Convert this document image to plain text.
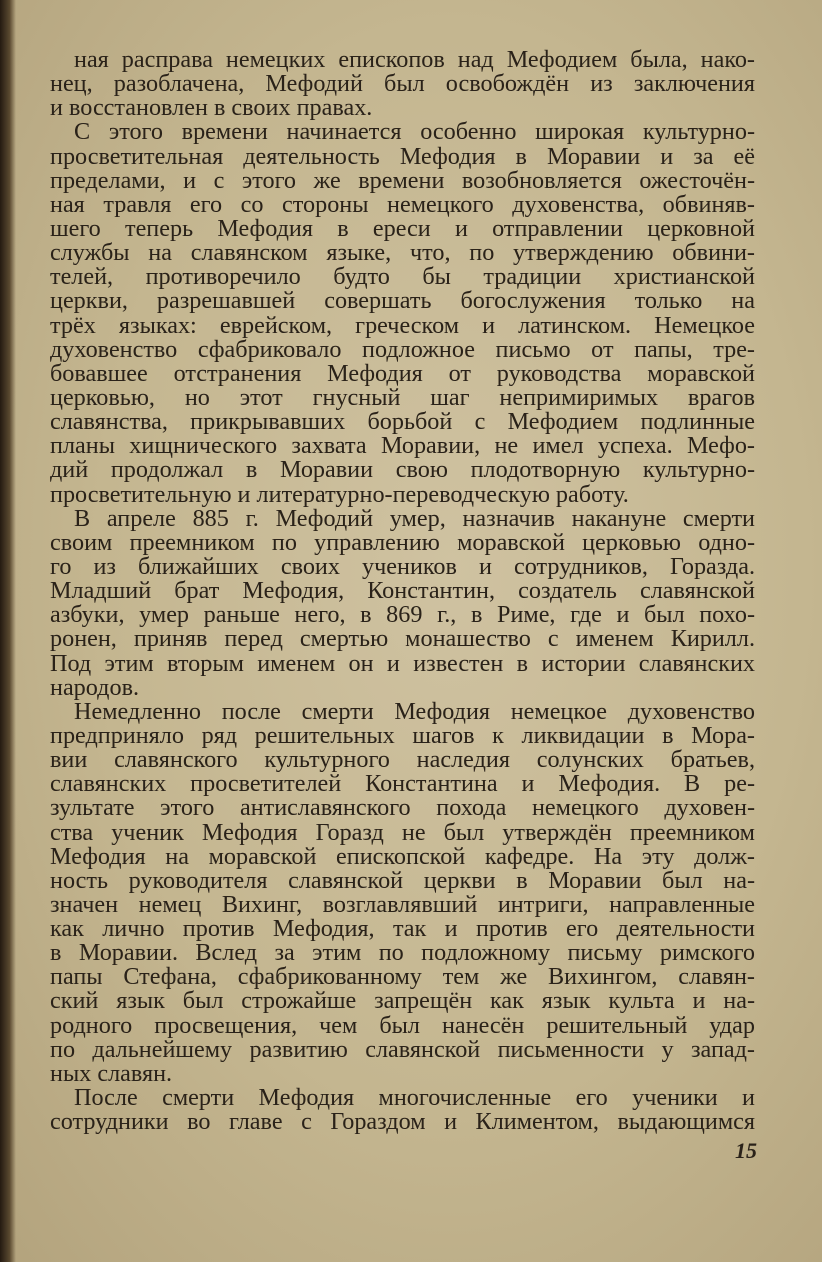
ная расправа немецких епископов над Мефодием была, нако-
нец, разоблачена, Мефодий был освобождён из заключения
и восстановлен в своих правах.
С этого времени начинается особенно широкая культурно-
просветительная деятельность Мефодия в Моравии и за её
пределами, и с этого же времени возобновляется ожесточён-
ная травля его со стороны немецкого духовенства, обвиняв-
шего теперь Мефодия в ереси и отправлении церковной
службы на славянском языке, что, по утверждению обвини-
телей, противоречило будто бы традиции христианской
церкви, разрешавшей совершать богослужения только на
трёх языках: еврейском, греческом и латинском. Немецкое
духовенство сфабриковало подложное письмо от папы, тре-
бовавшее отстранения Мефодия от руководства моравской
церковью, но этот гнусный шаг непримиримых врагов
славянства, прикрывавших борьбой с Мефодием подлинные
планы хищнического захвата Моравии, не имел успеха. Мефо-
дий продолжал в Моравии свою плодотворную культурно-
просветительную и литературно-переводческую работу.
В апреле 885 г. Мефодий умер, назначив накануне смерти
своим преемником по управлению моравской церковью одно-
го из ближайших своих учеников и сотрудников, Горазда.
Младший брат Мефодия, Константин, создатель славянской
азбуки, умер раньше него, в 869 г., в Риме, где и был похо-
ронен, приняв перед смертью монашество с именем Кирилл.
Под этим вторым именем он и известен в истории славянских
народов.
Немедленно после смерти Мефодия немецкое духовенство
предприняло ряд решительных шагов к ликвидации в Мора-
вии славянского культурного наследия солунских братьев,
славянских просветителей Константина и Мефодия. В ре-
зультате этого антиславянского похода немецкого духовен-
ства ученик Мефодия Горазд не был утверждён преемником
Мефодия на моравской епископской кафедре. На эту долж-
ность руководителя славянской церкви в Моравии был на-
значен немец Вихинг, возглавлявший интриги, направленные
как лично против Мефодия, так и против его деятельности
в Моравии. Вслед за этим по подложному письму римского
папы Стефана, сфабрикованному тем же Вихингом, славян-
ский язык был строжайше запрещён как язык культа и на-
родного просвещения, чем был нанесён решительный удар
по дальнейшему развитию славянской письменности у запад-
ных славян.
После смерти Мефодия многочисленные его ученики и
сотрудники во главе с Гораздом и Климентом, выдающимся
15
